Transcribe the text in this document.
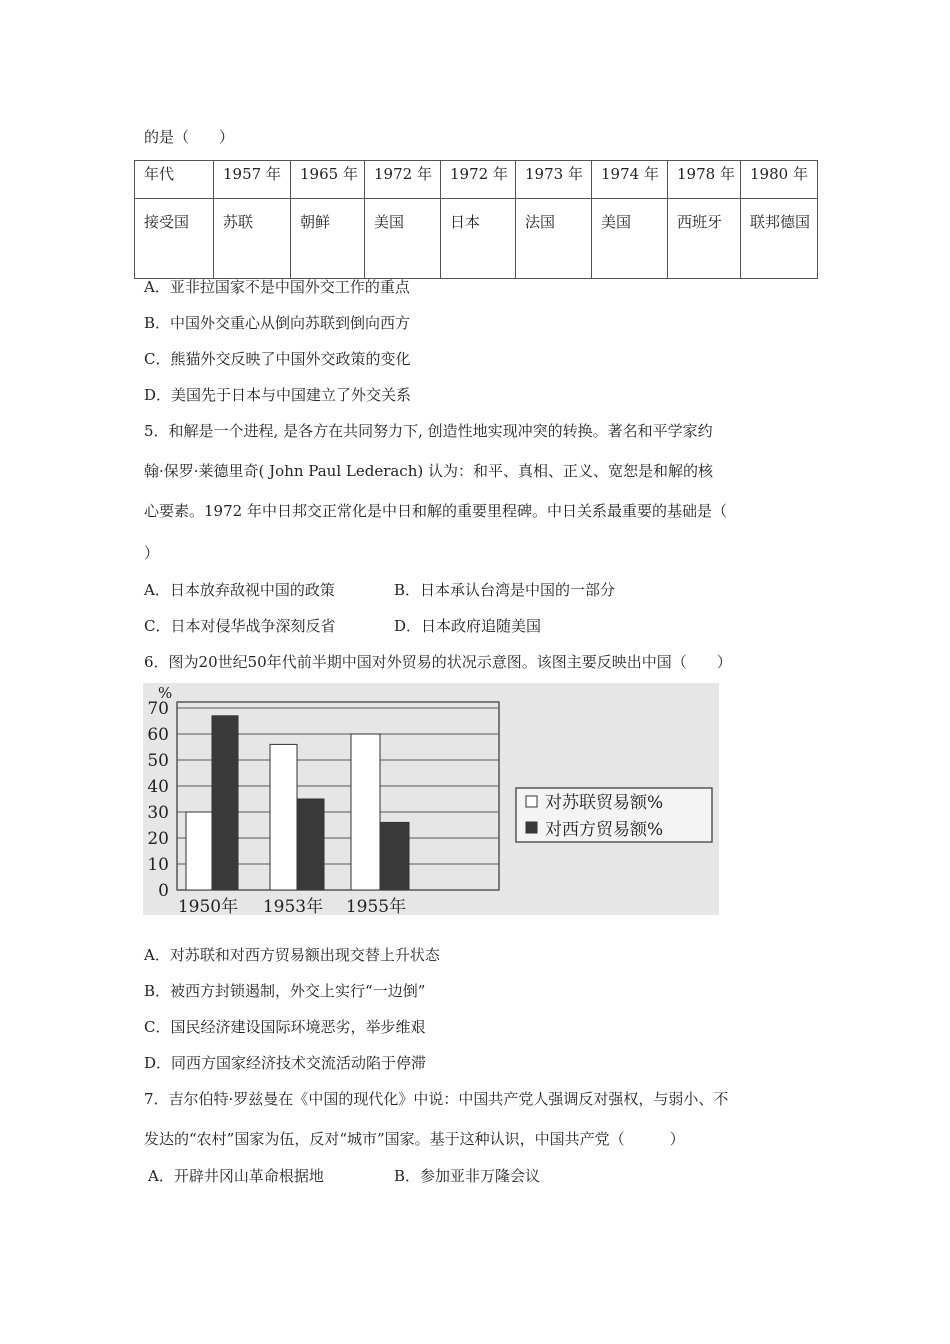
的是（　　）
年代	1957 年	1965 年	1972 年	1972 年	1973 年	1974 年	1978 年	1980 年
接受国	苏联	朝鲜	美国	日本	法国	美国	西班牙	联邦德国
A．亚非拉国家不是中国外交工作的重点
B．中国外交重心从倒向苏联到倒向西方
C．熊猫外交反映了中国外交政策的变化
D．美国先于日本与中国建立了外交关系
5．和解是一个进程, 是各方在共同努力下, 创造性地实现冲突的转换。著名和平学家约
翰·保罗·莱德里奇( John Paul Lederach) 认为：和平、真相、正义、宽恕是和解的核
心要素。1972 年中日邦交正常化是中日和解的重要里程碑。中日关系最重要的基础是（
）
A．日本放弃敌视中国的政策	B．日本承认台湾是中国的一部分
C．日本对侵华战争深刻反省	D．日本政府追随美国
6．图为20世纪50年代前半期中国对外贸易的状况示意图。该图主要反映出中国（　　）
0
10
20
30
40
50
60
70
%
1950年 1953年 1955年
对苏联贸易额%
对西方贸易额%
A．对苏联和对西方贸易额出现交替上升状态
B．被西方封锁遏制，外交上实行“一边倒”
C．国民经济建设国际环境恶劣，举步维艰
D．同西方国家经济技术交流活动陷于停滞
7．吉尔伯特·罗兹曼在《中国的现代化》中说：中国共产党人强调反对强权，与弱小、不
发达的“农村”国家为伍，反对“城市”国家。基于这种认识，中国共产党（　　　）
A．开辟井冈山革命根据地	B．参加亚非万隆会议
